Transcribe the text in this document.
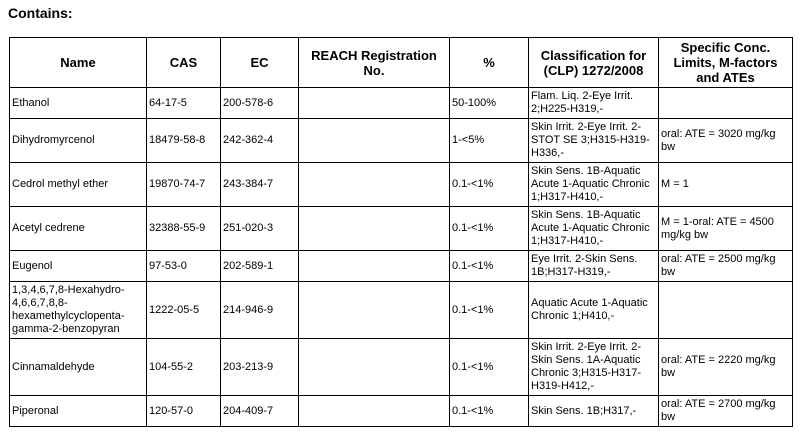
Contains:
Name	CAS	EC	REACH Registration No.	%	Classification for (CLP) 1272/2008	Specific Conc. Limits, M-factors and ATEs
Ethanol	64-17-5	200-578-6		50-100%	Flam. Liq. 2-Eye Irrit. 2;H225-H319,-	
Dihydromyrcenol	18479-58-8	242-362-4		1-<5%	Skin Irrit. 2-Eye Irrit. 2-STOT SE 3;H315-H319-H336,-	oral: ATE = 3020 mg/kg bw
Cedrol methyl ether	19870-74-7	243-384-7		0.1-<1%	Skin Sens. 1B-Aquatic Acute 1-Aquatic Chronic 1;H317-H410,-	M = 1
Acetyl cedrene	32388-55-9	251-020-3		0.1-<1%	Skin Sens. 1B-Aquatic Acute 1-Aquatic Chronic 1;H317-H410,-	M = 1-oral: ATE = 4500 mg/kg bw
Eugenol	97-53-0	202-589-1		0.1-<1%	Eye Irrit. 2-Skin Sens. 1B;H317-H319,-	oral: ATE = 2500 mg/kg bw
1,3,4,6,7,8-Hexahydro-4,6,6,7,8,8-hexamethylcyclopenta-gamma-2-benzopyran	1222-05-5	214-946-9		0.1-<1%	Aquatic Acute 1-Aquatic Chronic 1;H410,-	
Cinnamaldehyde	104-55-2	203-213-9		0.1-<1%	Skin Irrit. 2-Eye Irrit. 2-Skin Sens. 1A-Aquatic Chronic 3;H315-H317-H319-H412,-	oral: ATE = 2220 mg/kg bw
Piperonal	120-57-0	204-409-7		0.1-<1%	Skin Sens. 1B;H317,-	oral: ATE = 2700 mg/kg bw
